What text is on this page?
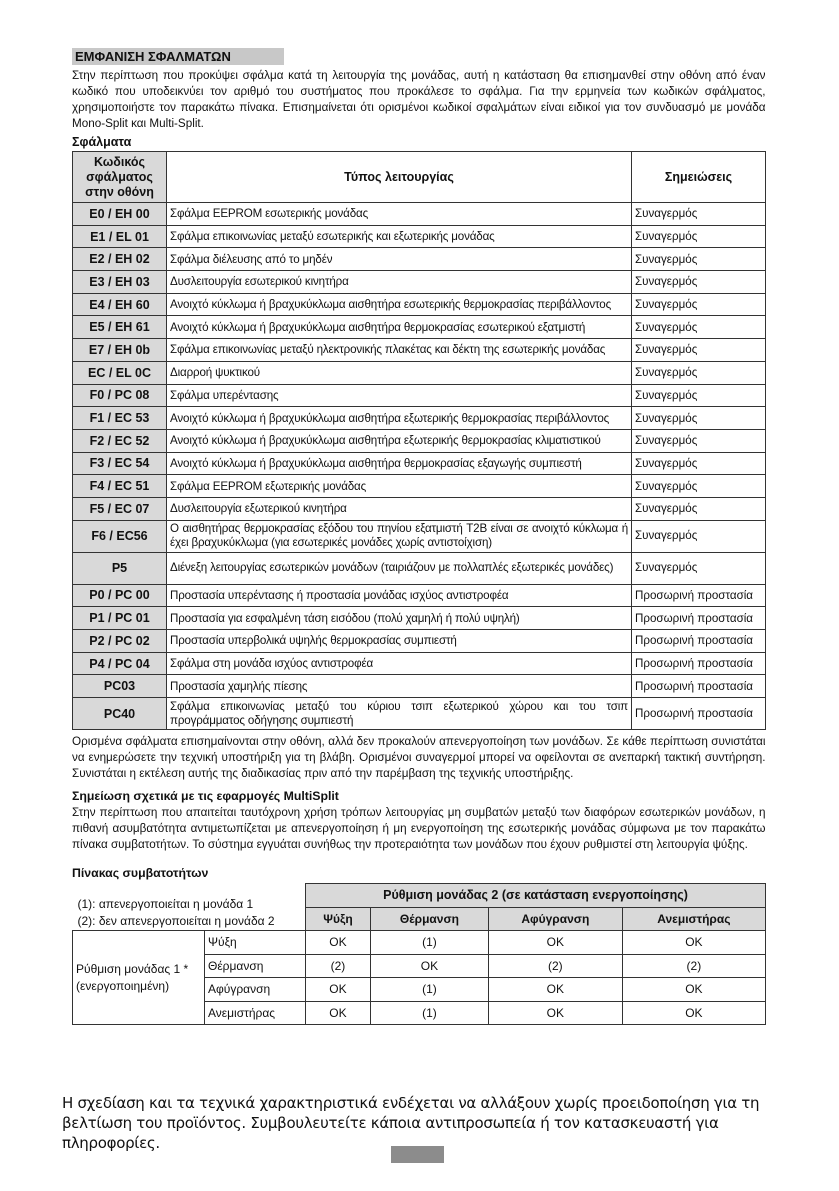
ΕΜΦΑΝΙΣΗ ΣΦΑΛΜΑΤΩΝ

Στην περίπτωση που προκύψει σφάλμα κατά τη λειτουργία της μονάδας, αυτή η κατάσταση θα επισημανθεί στην οθόνη από έναν κωδικό που υποδεικνύει τον αριθμό του συστήματος που προκάλεσε το σφάλμα. Για την ερμηνεία των κωδικών σφάλματος, χρησιμοποιήστε τον παρακάτω πίνακα. Επισημαίνεται ότι ορισμένοι κωδικοί σφαλμάτων είναι ειδικοί για τον συνδυασμό με μονάδα Mono-Split και Multi-Split.

Σφάλματα
Κωδικός σφάλματος στην οθόνη	Τύπος λειτουργίας	Σημειώσεις
E0 / EH 00	Σφάλμα EEPROM εσωτερικής μονάδας	Συναγερμός
E1 / EL 01	Σφάλμα επικοινωνίας μεταξύ εσωτερικής και εξωτερικής μονάδας	Συναγερμός
E2 / EH 02	Σφάλμα διέλευσης από το μηδέν	Συναγερμός
E3 / EH 03	Δυσλειτουργία εσωτερικού κινητήρα	Συναγερμός
E4 / EH 60	Ανοιχτό κύκλωμα ή βραχυκύκλωμα αισθητήρα εσωτερικής θερμοκρασίας περιβάλλοντος	Συναγερμός
E5 / EH 61	Ανοιχτό κύκλωμα ή βραχυκύκλωμα αισθητήρα θερμοκρασίας εσωτερικού εξατμιστή	Συναγερμός
E7 / EH 0b	Σφάλμα επικοινωνίας μεταξύ ηλεκτρονικής πλακέτας και δέκτη της εσωτερικής μονάδας	Συναγερμός
EC / EL 0C	Διαρροή ψυκτικού	Συναγερμός
F0 / PC 08	Σφάλμα υπερέντασης	Συναγερμός
F1 / EC 53	Ανοιχτό κύκλωμα ή βραχυκύκλωμα αισθητήρα εξωτερικής θερμοκρασίας περιβάλλοντος	Συναγερμός
F2 / EC 52	Ανοιχτό κύκλωμα ή βραχυκύκλωμα αισθητήρα εξωτερικής θερμοκρασίας κλιματιστικού	Συναγερμός
F3 / EC 54	Ανοιχτό κύκλωμα ή βραχυκύκλωμα αισθητήρα θερμοκρασίας εξαγωγής συμπιεστή	Συναγερμός
F4 / EC 51	Σφάλμα EEPROM εξωτερικής μονάδας	Συναγερμός
F5 / EC 07	Δυσλειτουργία εξωτερικού κινητήρα	Συναγερμός
F6 / EC56	Ο αισθητήρας θερμοκρασίας εξόδου του πηνίου εξατμιστή T2B είναι σε ανοιχτό κύκλωμα ή έχει βραχυκύκλωμα (για εσωτερικές μονάδες χωρίς αντιστοίχιση)	Συναγερμός
P5	Διένεξη λειτουργίας εσωτερικών μονάδων (ταιριάζουν με πολλαπλές εξωτερικές μονάδες)	Συναγερμός
P0 / PC 00	Προστασία υπερέντασης ή προστασία μονάδας ισχύος αντιστροφέα	Προσωρινή προστασία
P1 / PC 01	Προστασία για εσφαλμένη τάση εισόδου (πολύ χαμηλή ή πολύ υψηλή)	Προσωρινή προστασία
P2 / PC 02	Προστασία υπερβολικά υψηλής θερμοκρασίας συμπιεστή	Προσωρινή προστασία
P4 / PC 04	Σφάλμα στη μονάδα ισχύος αντιστροφέα	Προσωρινή προστασία
PC03	Προστασία χαμηλής πίεσης	Προσωρινή προστασία
PC40	Σφάλμα επικοινωνίας μεταξύ του κύριου τσιπ εξωτερικού χώρου και του τσιπ προγράμματος οδήγησης συμπιεστή	Προσωρινή προστασία

Ορισμένα σφάλματα επισημαίνονται στην οθόνη, αλλά δεν προκαλούν απενεργοποίηση των μονάδων. Σε κάθε περίπτωση συνιστάται να ενημερώσετε την τεχνική υποστήριξη για τη βλάβη. Ορισμένοι συναγερμοί μπορεί να οφείλονται σε ανεπαρκή τακτική συντήρηση. Συνιστάται η εκτέλεση αυτής της διαδικασίας πριν από την παρέμβαση της τεχνικής υποστήριξης.

Σημείωση σχετικά με τις εφαρμογές MultiSplit

Στην περίπτωση που απαιτείται ταυτόχρονη χρήση τρόπων λειτουργίας μη συμβατών μεταξύ των διαφόρων εσωτερικών μονάδων, η πιθανή ασυμβατότητα αντιμετωπίζεται με απενεργοποίηση ή μη ενεργοποίηση της εσωτερικής μονάδας σύμφωνα με τον παρακάτω πίνακα συμβατοτήτων. Το σύστημα εγγυάται συνήθως την προτεραιότητα των μονάδων που έχουν ρυθμιστεί στη λειτουργία ψύξης.

Πίνακας συμβατοτήτων
(1): απενεργοποιείται η μονάδα 1
(2): δεν απενεργοποιείται η μονάδα 2		Ρύθμιση μονάδας 2 (σε κατάσταση ενεργοποίησης)			
		Ψύξη	Θέρμανση	Αφύγρανση	Ανεμιστήρας
Ρύθμιση μονάδας 1 *(ενεργοποιημένη)	Ψύξη	OK	(1)	OK	OK
	Θέρμανση	(2)	OK	(2)	(2)
	Αφύγρανση	OK	(1)	OK	OK
	Ανεμιστήρας	OK	(1)	OK	OK
Η σχεδίαση και τα τεχνικά χαρακτηριστικά ενδέχεται να αλλάξουν χωρίς προειδοποίηση για τη βελτίωση του προϊόντος. Συμβουλευτείτε κάποια αντιπροσωπεία ή τον κατασκευαστή για πληροφορίες.
